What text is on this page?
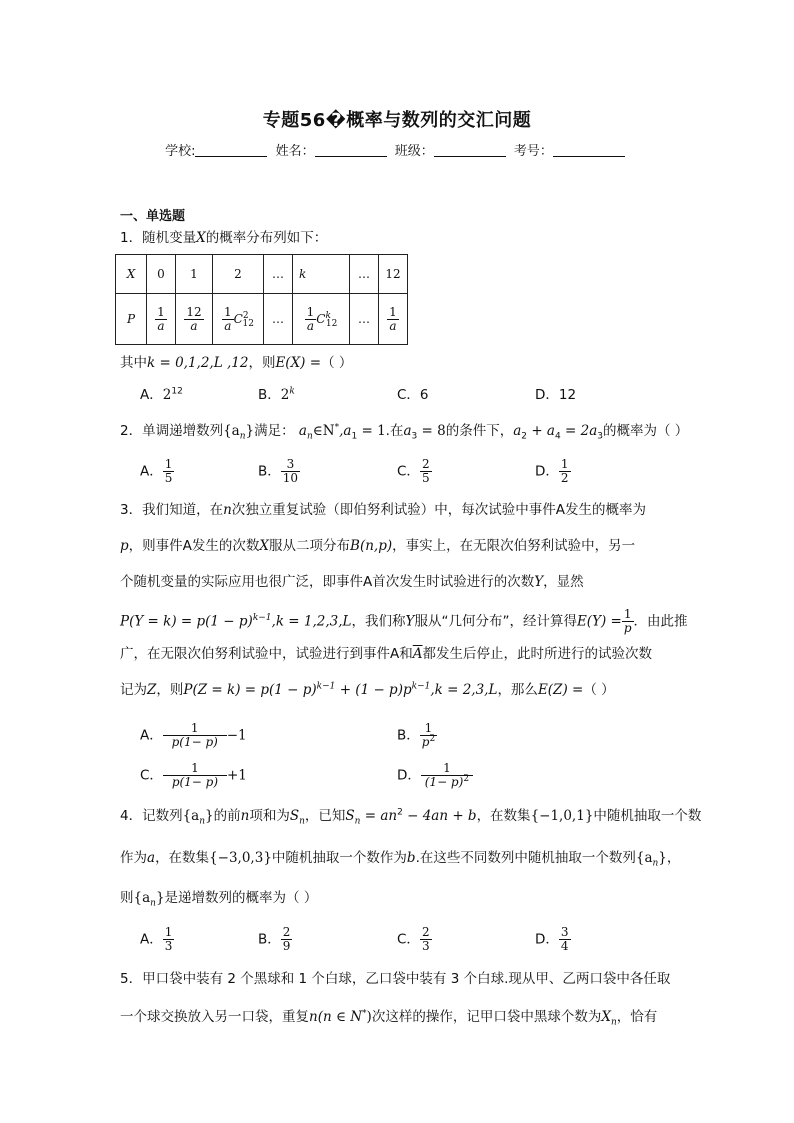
专题56�概率与数列的交汇问题
学校:	姓名：	班级：	考号：
一、单选题
1．随机变量X的概率分布列如下：
X	0	1	2	…	k	…	12
P	$\frac{1}{a}$	$\frac{12}{a}$	$\frac{1}{a} C^2_{12}$	…	$\frac{1}{a} C^k_{12}$	…	$\frac{1}{a}$
其中k = 0,1,2,L ,12，则E(X) =（ ）
A．$2^{12}$	B．2$^k$	C．6	D．12
2．单调递增数列$\{a_n\}$满足： $a_n\in N^*,a_1 = 1$.在$a_3 = 8$的条件下，$a_2 + a_4 = 2a_3$的概率为（ ）
A． $\frac{1}{5}$	B． $\frac{3}{10}$	C． $\frac{2}{5}$	D． $\frac{1}{2}$
3．我们知道，在n次独立重复试验（即伯努利试验）中，每次试验中事件A发生的概率为
p，则事件A发生的次数X服从二项分布B(n,p)，事实上，在无限次伯努利试验中，另一
个随机变量的实际应用也很广泛，即事件A首次发生时试验进行的次数Y，显然
$P(Y = k) = p(1 - p)^{k-1},k = 1,2,3,L$，我们称Y服从“几何分布”，经计算得$E(Y) = \frac{1}{p}$ ．由此推
广，在无限次伯努利试验中，试验进行到事件A和$\overline{A}$都发生后停止，此时所进行的试验次数
记为Z，则$P(Z = k) = p(1 - p)^{k-1} + (1 - p)p^{k-1},k = 2,3,L$，那么E(Z) =（ ）
A． $\frac{1}{p(1- p)} -1$	B． $\frac{1}{p^2}$
C． $\frac{1}{p(1- p)} +1$	D． $\frac{1}{(1- p)^2}$
4．记数列$\{a_n\}$的前n项和为$S_n$，已知$S_n = an^2 - 4an + b$，在数集{−1,0,1}中随机抽取一个数
作为a，在数集{−3,0,3}中随机抽取一个数作为b.在这些不同数列中随机抽取一个数列$\{a_n\}$，
则$\{a_n\}$是递增数列的概率为（ ）
A． $\frac{1}{3}$	B． $\frac{2}{9}$	C． $\frac{2}{3}$	D． $\frac{3}{4}$
5．甲口袋中装有 2 个黑球和 1 个白球，乙口袋中装有 3 个白球.现从甲、乙两口袋中各任取
一个球交换放入另一口袋，重复n(n ∈ N*)次这样的操作，记甲口袋中黑球个数为$X_n$，恰有
